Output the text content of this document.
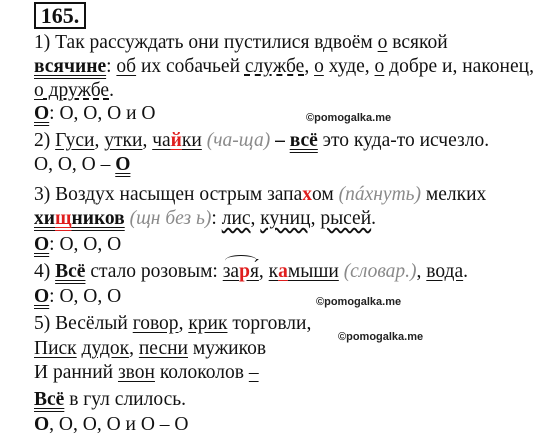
165.
1) Так рассуждать они пустилися вдвоём о всякой
всячине: об их собачьей службе, о худе, о добре и, наконец,
о дружбе.
©pomogalka.me
О: О, О, О и О
2) Гуси, утки, чайки (ча-ща) – всё это куда-то исчезло.
О, О, О – О
3) Воздух насыщен острым запахом (пáхнуть) мелких
хищников (щн без ь): лис, куниц, рысей.
О: О, О, О
4) Всё стало розовым: заря́, камыши (словар.), вода.
О: О, О, О	©pomogalka.me
5) Весёлый говор, крик торговли,
©pomogalka.me
Писк дудок, песни мужиков
И ранний звон колоколов –
Всё в гул слилось.
О, О, О, О и О – О
